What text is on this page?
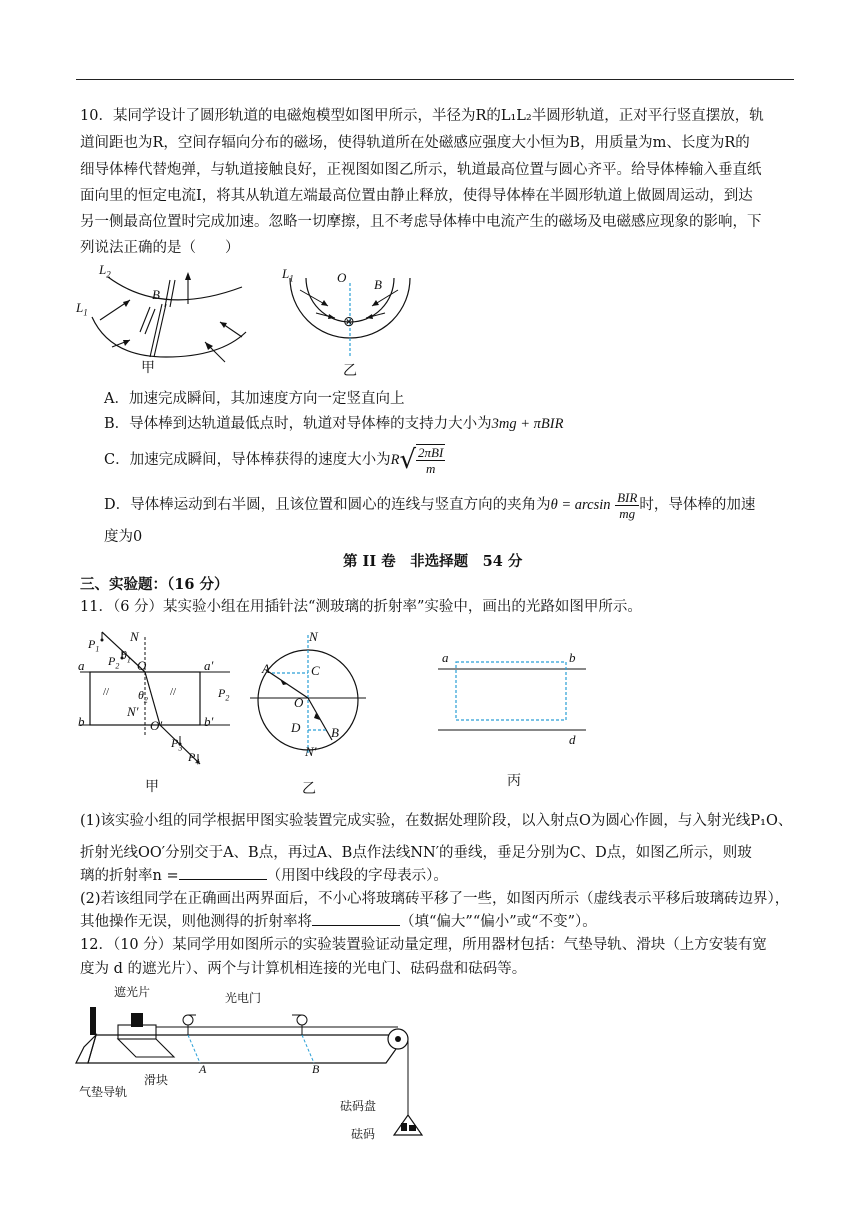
10．某同学设计了圆形轨道的电磁炮模型如图甲所示，半径为R的L₁L₂半圆形轨道，正对平行竖直摆放，轨
道间距也为R，空间存辐向分布的磁场，使得轨道所在处磁感应强度大小恒为B，用质量为m、长度为R的
细导体棒代替炮弹，与轨道接触良好，正视图如图乙所示，轨道最高位置与圆心齐平。给导体棒输入垂直纸
面向里的恒定电流I，将其从轨道左端最高位置由静止释放，使得导体棒在半圆形轨道上做圆周运动，到达
另一侧最高位置时完成加速。忽略一切摩擦，且不考虑导体棒中电流产生的磁场及电磁感应现象的影响，下
列说法正确的是（　　）
$L_2$
$L_1$
B
甲
$L_1$	O B
⊗
乙
A．加速完成瞬间，其加速度方向一定竖直向上
B．导体棒到达轨道最低点时，轨道对导体棒的支持力大小为3mg + πBIR
C．加速完成瞬间，导体棒获得的速度大小为$R√ \frac{\text{2πBI}}{m}$
D．导体棒运动到右半圆，且该位置和圆心的连线与竖直方向的夹角为$\theta = \arcsin \frac{\text{BIR}}{mg}$ 时，导体棒的加速
度为0
第 II 卷　非选择题　54 分
三、实验题：（16 分）
11．（6 分）某实验小组在用插针法“测玻璃的折射率”实验中，画出的光路如图甲所示。
$P_1$
$P_2$
N
$\theta_1$ O
a	a′
//	//
$\theta_2$	$P_2$
N′
b	b′
O′
$P_3$
$P_4$
甲
N
A	C
O
D B
N′
乙
a	b
d
丙
(1)该实验小组的同学根据甲图实验装置完成实验，在数据处理阶段，以入射点O为圆心作圆，与入射光线P₁O、
折射光线OO′分别交于A、B点，再过A、B点作法线NN′的垂线，垂足分别为C、D点，如图乙所示，则玻
璃的折射率n =	（用图中线段的字母表示）。
(2)若该组同学在正确画出两界面后，不小心将玻璃砖平移了一些，如图丙所示（虚线表示平移后玻璃砖边界），
其他操作无误，则他测得的折射率将	（填“偏大”“偏小”或“不变”）。
12．（10 分）某同学用如图所示的实验装置验证动量定理，所用器材包括：气垫导轨、滑块（上方安装有宽
度为 d 的遮光片）、两个与计算机相连接的光电门、砝码盘和砝码等。
遮光片	光电门
气垫导轨
滑块
A	B
砝码盘
砝码
